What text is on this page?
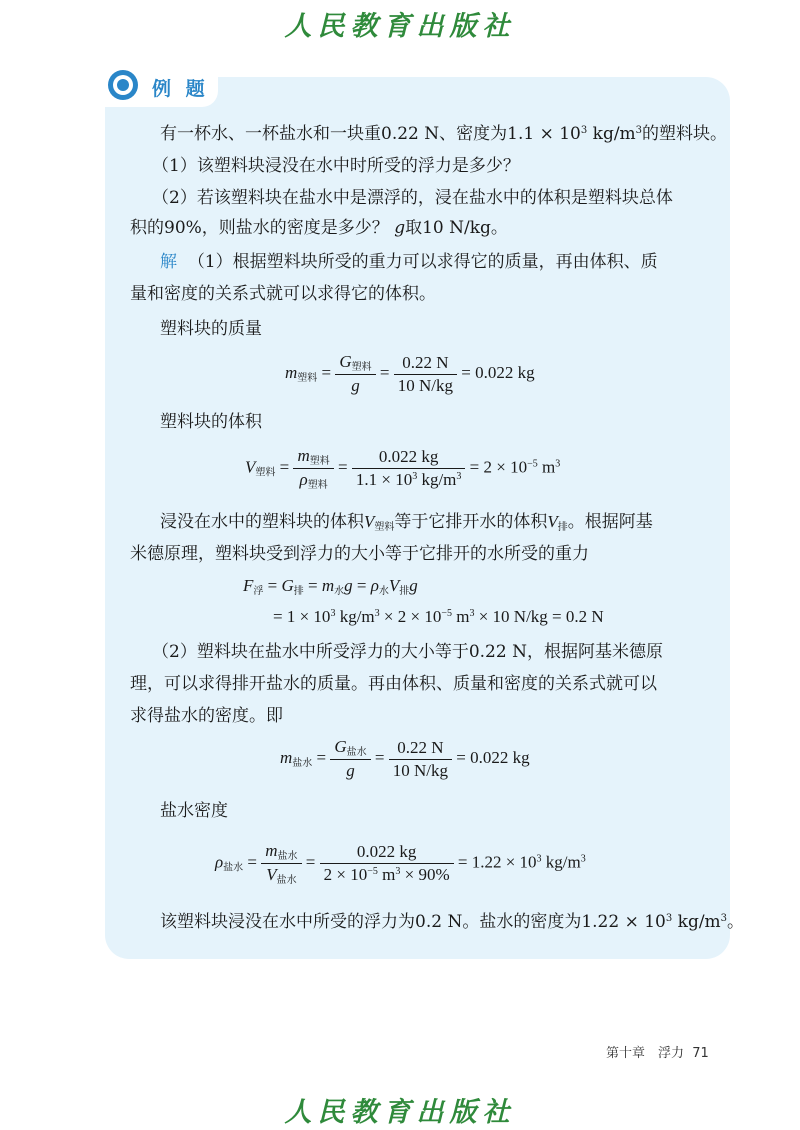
人民教育出版社
人民教育出版社
例 题
有一杯水、一杯盐水和一块重0.22 N、密度为$1.1 \times 10^3$ $kg/m^3$的塑料块。
（1）该塑料块浸没在水中时所受的浮力是多少？
（2）若该塑料块在盐水中是漂浮的，浸在盐水中的体积是塑料块总体
积的90%，则盐水的密度是多少？ g取10 N/kg。
解 （1）根据塑料块所受的重力可以求得它的质量，再由体积、质
量和密度的关系式就可以求得它的体积。
塑料块的质量
$m_{塑料} = \frac{G_{塑料}}{g} = \frac{0.22 N}{10 N/kg} = 0.022$ kg
塑料块的体积
$V_{塑料} = \frac{m_{塑料}}{\rho_{塑料}} = \frac{0.022 kg}{1.1 \times 10^3 kg/m^3} = 2 \times 10^{-5}$ $m^3$
浸没在水中的塑料块的体积$V_{塑料}$等于它排开水的体积$V_排$。根据阿基
米德原理，塑料块受到浮力的大小等于它排开的水所受的重力
$F_浮 = G_排 = m_水g = \rho_水V_排g$
= $1 \times 10^3$ $kg/m^3 \times 2 \times 10^{-5}$ $m^3 \times 10$ N/kg = 0.2 N
（2）塑料块在盐水中所受浮力的大小等于0.22 N，根据阿基米德原
理，可以求得排开盐水的质量。再由体积、质量和密度的关系式就可以
求得盐水的密度。即
$m_{盐水} = \frac{G_{盐水}}{g} = \frac{0.22 N}{10 N/kg} = 0.022$ kg
盐水密度
$\rho_{盐水} = \frac{m_{盐水}}{V_{盐水}} = \frac{0.022 kg}{2 \times 10^{-5} m^3 \times 90\%} = 1.22 \times 10^3$ $kg/m^3$
该塑料块浸没在水中所受的浮力为0.2 N。盐水的密度为$1.22 \times 10^3$ $kg/m^3$。
第十章　浮力 71
